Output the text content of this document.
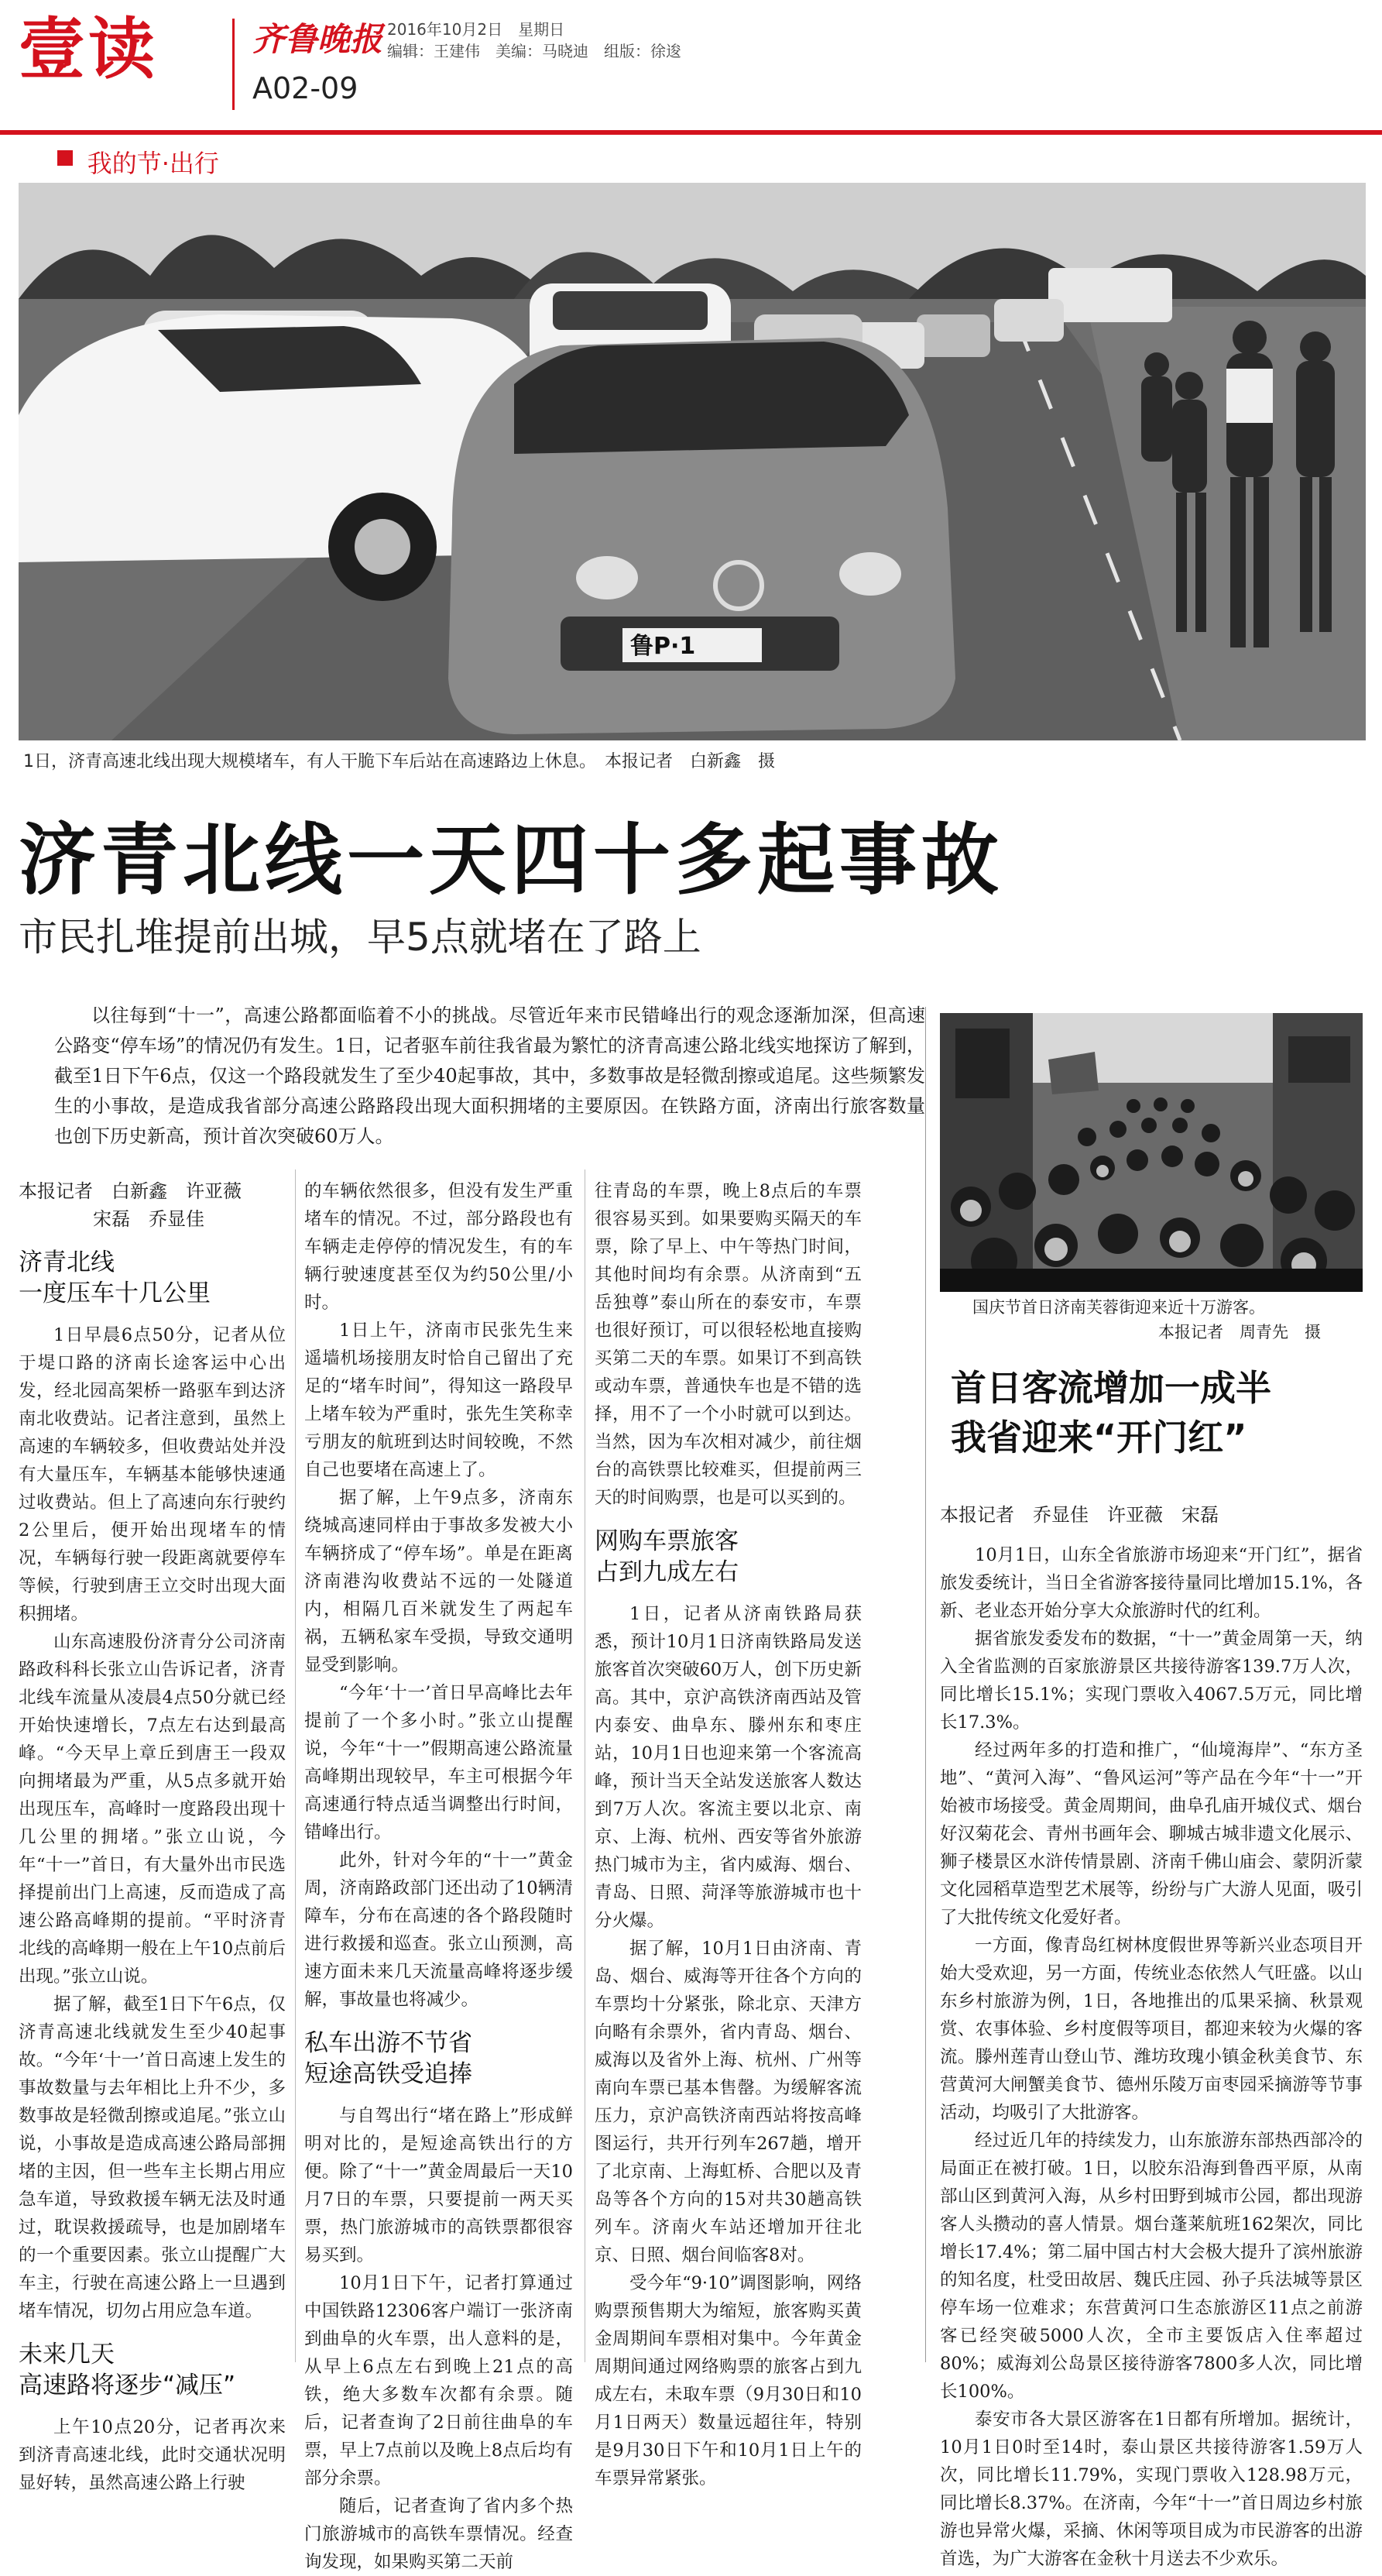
壹读	齐鲁晚报 2016年10月2日　星期日
编辑：王建伟　美编：马晓迪　组版：徐逡
A02-09
我的节·出行
鲁P·1
1日，济青高速北线出现大规模堵车，有人干脆下车后站在高速路边上休息。　本报记者　白新鑫　摄
济青北线一天四十多起事故
市民扎堆提前出城，早5点就堵在了路上
以往每到“十一”，高速公路都面临着不小的挑战。尽管近年来市民错峰出行的观念逐渐加深，但高速公路变“停车场”的情况仍有发生。1日，记者驱车前往我省最为繁忙的济青高速公路北线实地探访了解到，截至1日下午6点，仅这一个路段就发生了至少40起事故，其中，多数事故是轻微刮擦或追尾。这些频繁发生的小事故，是造成我省部分高速公路路段出现大面积拥堵的主要原因。在铁路方面，济南出行旅客数量也创下历史新高，预计首次突破60万人。
本报记者　白新鑫　许亚薇
宋磊　乔显佳
济青北线
一度压车十几公里

1日早晨6点50分，记者从位于堤口路的济南长途客运中心出发，经北园高架桥一路驱车到达济南北收费站。记者注意到，虽然上高速的车辆较多，但收费站处并没有大量压车，车辆基本能够快速通过收费站。但上了高速向东行驶约2公里后，便开始出现堵车的情况，车辆每行驶一段距离就要停车等候，行驶到唐王立交时出现大面积拥堵。

山东高速股份济青分公司济南路政科科长张立山告诉记者，济青北线车流量从凌晨4点50分就已经开始快速增长，7点左右达到最高峰。“今天早上章丘到唐王一段双向拥堵最为严重，从5点多就开始出现压车，高峰时一度路段出现十几公里的拥堵。”张立山说，今年“十一”首日，有大量外出市民选择提前出门上高速，反而造成了高速公路高峰期的提前。“平时济青北线的高峰期一般在上午10点前后出现。”张立山说。

据了解，截至1日下午6点，仅济青高速北线就发生至少40起事故。“今年‘十一’首日高速上发生的事故数量与去年相比上升不少，多数事故是轻微刮擦或追尾。”张立山说，小事故是造成高速公路局部拥堵的主因，但一些车主长期占用应急车道，导致救援车辆无法及时通过，耽误救援疏导，也是加剧堵车的一个重要因素。张立山提醒广大车主，行驶在高速公路上一旦遇到堵车情况，切勿占用应急车道。

未来几天
高速路将逐步“减压”

上午10点20分，记者再次来到济青高速北线，此时交通状况明显好转，虽然高速公路上行驶

的车辆依然很多，但没有发生严重堵车的情况。不过，部分路段也有车辆走走停停的情况发生，有的车辆行驶速度甚至仅为约50公里/小时。

1日上午，济南市民张先生来遥墙机场接朋友时恰自己留出了充足的“堵车时间”，得知这一路段早上堵车较为严重时，张先生笑称幸亏朋友的航班到达时间较晚，不然自己也要堵在高速上了。

据了解，上午9点多，济南东绕城高速同样由于事故多发被大小车辆挤成了“停车场”。单是在距离济南港沟收费站不远的一处隧道内，相隔几百米就发生了两起车祸，五辆私家车受损，导致交通明显受到影响。

“今年‘十一’首日早高峰比去年提前了一个多小时。”张立山提醒说，今年“十一”假期高速公路流量高峰期出现较早，车主可根据今年高速通行特点适当调整出行时间，错峰出行。

此外，针对今年的“十一”黄金周，济南路政部门还出动了10辆清障车，分布在高速的各个路段随时进行救援和巡查。张立山预测，高速方面未来几天流量高峰将逐步缓解，事故量也将减少。

私车出游不节省
短途高铁受追捧

与自驾出行“堵在路上”形成鲜明对比的，是短途高铁出行的方便。除了“十一”黄金周最后一天10月7日的车票，只要提前一两天买票，热门旅游城市的高铁票都很容易买到。

10月1日下午，记者打算通过中国铁路12306客户端订一张济南到曲阜的火车票，出人意料的是，从早上6点左右到晚上21点的高铁，绝大多数车次都有余票。随后，记者查询了2日前往曲阜的车票，早上7点前以及晚上8点后均有部分余票。

随后，记者查询了省内多个热门旅游城市的高铁车票情况。经查询发现，如果购买第二天前

往青岛的车票，晚上8点后的车票很容易买到。如果要购买隔天的车票，除了早上、中午等热门时间，其他时间均有余票。从济南到“五岳独尊”泰山所在的泰安市，车票也很好预订，可以很轻松地直接购买第二天的车票。如果订不到高铁或动车票，普通快车也是不错的选择，用不了一个小时就可以到达。当然，因为车次相对减少，前往烟台的高铁票比较难买，但提前两三天的时间购票，也是可以买到的。

网购车票旅客
占到九成左右

1日，记者从济南铁路局获悉，预计10月1日济南铁路局发送旅客首次突破60万人，创下历史新高。其中，京沪高铁济南西站及管内泰安、曲阜东、滕州东和枣庄站，10月1日也迎来第一个客流高峰，预计当天全站发送旅客人数达到7万人次。客流主要以北京、南京、上海、杭州、西安等省外旅游热门城市为主，省内威海、烟台、青岛、日照、菏泽等旅游城市也十分火爆。

据了解，10月1日由济南、青岛、烟台、威海等开往各个方向的车票均十分紧张，除北京、天津方向略有余票外，省内青岛、烟台、威海以及省外上海、杭州、广州等南向车票已基本售罄。为缓解客流压力，京沪高铁济南西站将按高峰图运行，共开行列车267趟，增开了北京南、上海虹桥、合肥以及青岛等各个方向的15对共30趟高铁列车。济南火车站还增加开往北京、日照、烟台间临客8对。

受今年“9·10”调图影响，网络购票预售期大为缩短，旅客购买黄金周期间车票相对集中。今年黄金周期间通过网络购票的旅客占到九成左右，未取车票（9月30日和10月1日两天）数量远超往年，特别是9月30日下午和10月1日上午的车票异常紧张。

国庆节首日济南芙蓉街迎来近十万游客。
本报记者　周青先　摄
首日客流增加一成半
我省迎来“开门红”
本报记者　乔显佳　许亚薇　宋磊

10月1日，山东全省旅游市场迎来“开门红”，据省旅发委统计，当日全省游客接待量同比增加15.1%，各新、老业态开始分享大众旅游时代的红利。

据省旅发委发布的数据，“十一”黄金周第一天，纳入全省监测的百家旅游景区共接待游客139.7万人次，同比增长15.1%；实现门票收入4067.5万元，同比增长17.3%。

经过两年多的打造和推广，“仙境海岸”、“东方圣地”、“黄河入海”、“鲁风运河”等产品在今年“十一”开始被市场接受。黄金周期间，曲阜孔庙开城仪式、烟台好汉菊花会、青州书画年会、聊城古城非遗文化展示、狮子楼景区水浒传情景剧、济南千佛山庙会、蒙阴沂蒙文化园稻草造型艺术展等，纷纷与广大游人见面，吸引了大批传统文化爱好者。

一方面，像青岛红树林度假世界等新兴业态项目开始大受欢迎，另一方面，传统业态依然人气旺盛。以山东乡村旅游为例，1日，各地推出的瓜果采摘、秋景观赏、农事体验、乡村度假等项目，都迎来较为火爆的客流。滕州莲青山登山节、潍坊玫瑰小镇金秋美食节、东营黄河大闸蟹美食节、德州乐陵万亩枣园采摘游等节事活动，均吸引了大批游客。

经过近几年的持续发力，山东旅游东部热西部冷的局面正在被打破。1日，以胶东沿海到鲁西平原，从南部山区到黄河入海，从乡村田野到城市公园，都出现游客人头攒动的喜人情景。烟台蓬莱航班162架次，同比增长17.4%；第二届中国古村大会极大提升了滨州旅游的知名度，杜受田故居、魏氏庄园、孙子兵法城等景区停车场一位难求；东营黄河口生态旅游区11点之前游客已经突破5000人次，全市主要饭店入住率超过80%；威海刘公岛景区接待游客7800多人次，同比增长100%。

泰安市各大景区游客在1日都有所增加。据统计，10月1日0时至14时，泰山景区共接待游客1.59万人次，同比增长11.79%，实现门票收入128.98万元，同比增长8.37%。在济南，今年“十一”首日周边乡村旅游也异常火爆，采摘、休闲等项目成为市民游客的出游首选，为广大游客在金秋十月送去不少欢乐。
